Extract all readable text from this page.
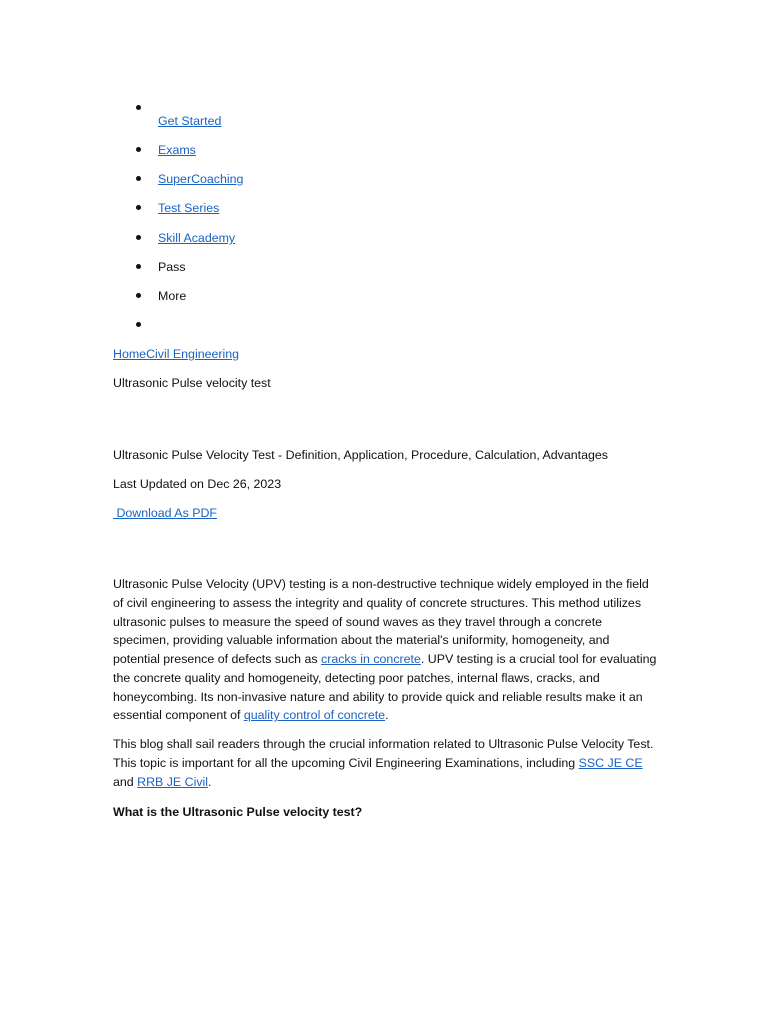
Get Started
Exams
SuperCoaching
Test Series
Skill Academy
Pass
More
HomeCivil Engineering
Ultrasonic Pulse velocity test
Ultrasonic Pulse Velocity Test - Definition, Application, Procedure, Calculation, Advantages
Last Updated on Dec 26, 2023
Download As PDF

Ultrasonic Pulse Velocity (UPV) testing is a non-destructive technique widely employed in the field of civil engineering to assess the integrity and quality of concrete structures. This method utilizes ultrasonic pulses to measure the speed of sound waves as they travel through a concrete specimen, providing valuable information about the material's uniformity, homogeneity, and potential presence of defects such as cracks in concrete. UPV testing is a crucial tool for evaluating the concrete quality and homogeneity, detecting poor patches, internal flaws, cracks, and honeycombing. Its non-invasive nature and ability to provide quick and reliable results make it an essential component of quality control of concrete.

This blog shall sail readers through the crucial information related to Ultrasonic Pulse Velocity Test. This topic is important for all the upcoming Civil Engineering Examinations, including SSC JE CE and RRB JE Civil.

What is the Ultrasonic Pulse velocity test?
